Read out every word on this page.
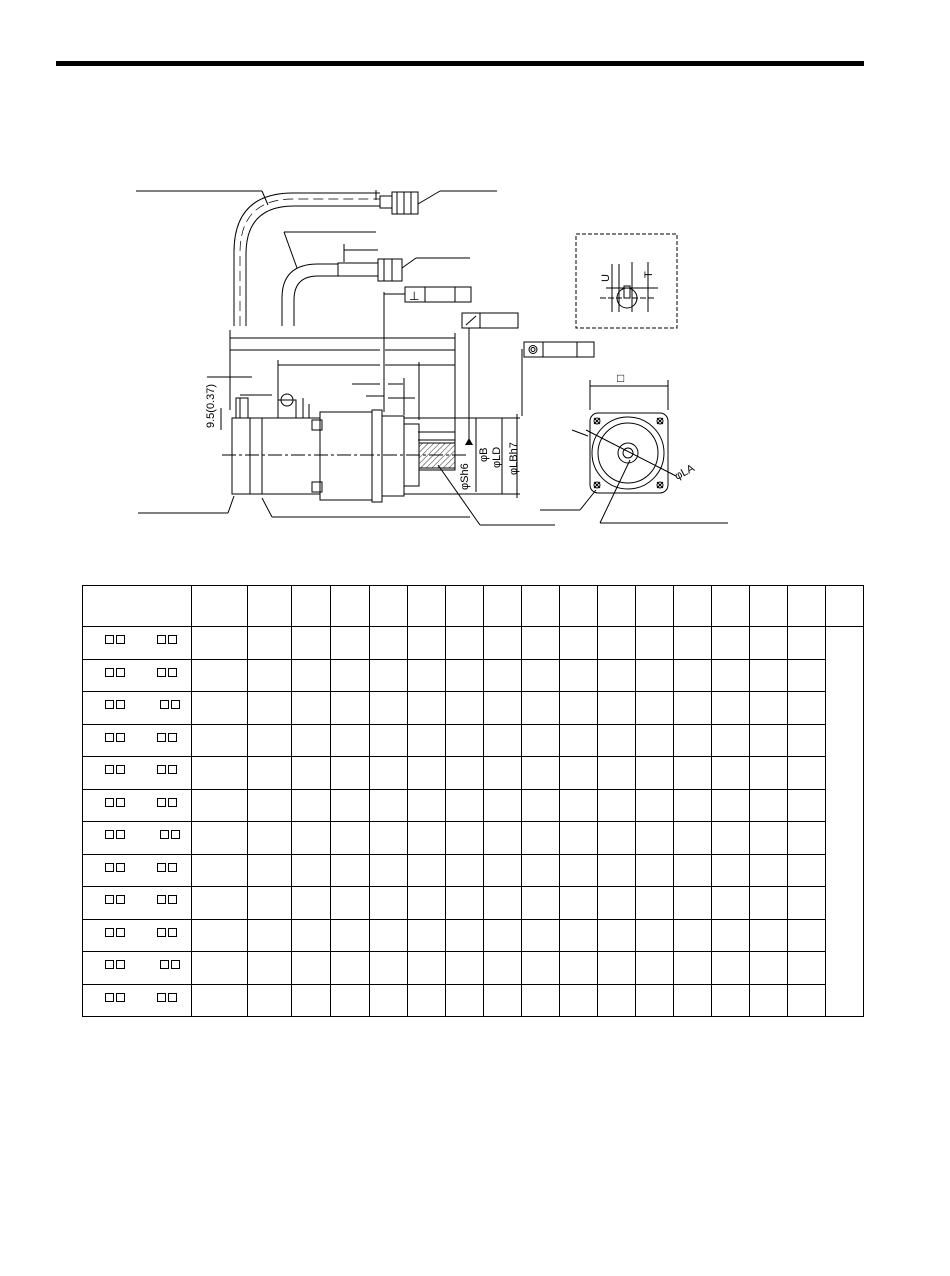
⊥
9.5(0.37)
φSh6
φB φLD φLBh7
U	T
□
φLA
